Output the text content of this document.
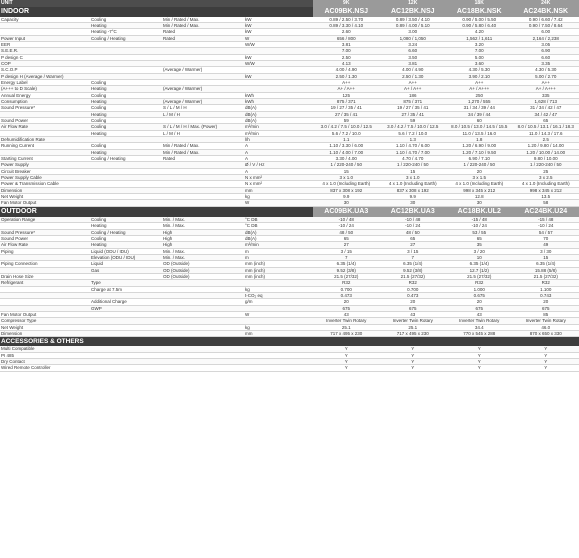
UNIT				9K	12K	18K	24K
INDOOR				AC09BK.NSJ	AC12BK.NSJ	AC18BK.NSK	AC24BK.NSK
Capacity	Cooling	Min / Rated / Max.	kW	0.89 / 2.50 / 3.70	0.89 / 3.50 / 4.10	0.90 / 5.00 / 5.50	0.90 / 6.60 / 7.42
	Heating	Min / Rated / Max.	kW	0.89 / 3.30 / 4.10	0.89 / 4.00 / 5.10	0.90 / 5.80 / 6.40	0.90 / 7.50 / 8.64
	Heating -7°C	Rated	kW	2.60	3.00	4.20	6.00
Power Input	Cooling / Heating	Rated	W	656 / 800	1,080 / 1,050	1,562 / 1,611	2,164 / 2,238
EER			W/W	3.81	3.24	3.20	3.05
S.E.E.R.				7.00	6.60	7.00	6.90
P design C			kW	2.50	3.50	5.00	6.60
COP			W/W	4.13	3.81	3.60	3.35
S.C.O.P		(Average / Warmer)		4.00 / 4.90	4.00 / 4.90	4.30 / 5.30	4.30 / 5.30
P design H (Average / Warmer)			kW	2.50 / 1.30	2.50 / 1.30	3.90 / 2.10	5.00 / 2.70
Energy Label	Cooling			A++	A++	A++	A++
(A+++ to D Scale)	Heating	(Average / Warmer)		A+ / A++	A+ / A++	A+ / A+++	A+ / A+++
Annual Energy	Cooling		kWh	125	186	250	335
Consumption	Heating	(Average / Warmer)	kWh	875 / 371	875 / 371	1,270 / 555	1,628 / 713
Sound Pressure*	Cooling	S / L / M / H	dB(A)	19 / 27 / 35 / 41	19 / 27 / 35 / 41	31 / 34 / 39 / 44	31 / 34 / 42 / 47
	Heating	L / M / H	dB(A)	27 / 35 / 41	27 / 35 / 41	34 / 39 / 44	34 / 42 / 47
Sound Power	Cooling		dB(A)	59	59	60	65
Air Flow Rate	Cooling	S / L / M / H / Max. (Power)	m³/min	3.0 / 4.2 / 7.5 / 10.0 / 12.5	3.0 / 4.2 / 7.5 / 10.0 / 12.5	8.0 / 10.5 / 13.0 / 14.5 / 15.5	8.0 / 10.5 / 13.1 / 16.1 / 18.3
	Heating	L / M / H	m³/min	5.6 / 7.2 / 10.0	5.6 / 7.2 / 10.0	11.0 / 13.5 / 16.0	11.0 / 14.3 / 17.6
Dehumidification Rate			l/h	1.1	1.3	1.8	2.5
Running Current	Cooling	Min / Rated / Max.	A	1.10 / 3.30 / 6.00	1.10 / 4.70 / 6.00	1.20 / 6.90 / 9.00	1.20 / 9.80 / 14.00
	Heating	Min / Rated / Max.	A	1.10 / 4.00 / 7.00	1.10 / 4.70 / 7.00	1.20 / 7.10 / 9.50	1.20 / 10.00 / 14.00
Starting Current	Cooling / Heating	Rated	A	3.30 / 4.00	4.70 / 4.70	6.90 / 7.10	9.80 / 10.00
Power Supply			Ø / V / Hz	1 / 220-240 / 50	1 / 220-240 / 50	1 / 220-240 / 50	1 / 220-240 / 50
Circuit Breaker			A	15	15	20	25
Power Supply Cable			N x mm²	3 x 1.0	3 x 1.0	3 x 1.5	3 x 2.5
Power & Transmission Cable			N x mm²	4 x 1.0 (Including Earth)	4 x 1.0 (Including Earth)	4 x 1.0 (Including Earth)	4 x 1.0 (Including Earth)
Dimension			mm	837 x 308 x 192	837 x 308 x 192	998 x 345 x 212	998 x 345 x 212
Net Weight			kg	9.9	9.9	12.8	13.5
Fan Motor Output			W	30	30	30	58
OUTDOOR				AC09BK.UA3	AC12BK.UA3	AC18BK.UL2	AC24BK.U24
Operation Range	Cooling	Min. / Max.	°C DB	-10 / 48	-10 / 48	-15 / 48	-15 / 48
	Heating	Min. / Max.	°C DB	-10 / 24	-10 / 24	-10 / 24	-10 / 24
Sound Pressure*	Cooling / Heating	High	dB(A)	48 / 50	48 / 50	53 / 55	54 / 57
Sound Power	Cooling	High	dB(A)	65	65	65	70
Air Flow Rate	Heating	High	m³/min	27	27	35	49
Piping	Liquid (ODU / IDU)	Min. / Max.	m	3 / 15	3 / 15	3 / 20	3 / 30
	Elevation (ODU / IDU)	Min. / Max.	m	7	7	10	15
Piping Connection	Liquid	OD (Outside)	mm (inch)	6.35 (1/4)	6.35 (1/4)	6.35 (1/4)	6.35 (1/4)
	Gas	OD (Outside)	mm (inch)	9.52 (3/8)	9.52 (3/8)	12.7 (1/2)	15.88 (5/8)
Drain Hose Size		OD (Outside)	mm (inch)	21.5 (27/32)	21.5 (27/32)	21.5 (27/32)	21.5 (27/32)
Refrigerant	Type			R32	R32	R32	R32
	Charge at 7.5m		kg	0.700	0.700	1.000	1.100
			t-CO₂ eq	0.473	0.473	0.675	0.743
	Additional Charge		g/m	20	20	20	20
	GWP			675	675	675	675
Fan Motor Output			W	43	43	43	85
Compressor Type				Inverter Twin Rotary	Inverter Twin Rotary	Inverter Twin Rotary	Inverter Twin Rotary
Net Weight			kg	25.1	25.1	34.4	46.0
Dimension			mm	717 x 495 x 230	717 x 495 x 230	770 x 545 x 288	870 x 650 x 330
ACCESSORIES & OTHERS							
Multi Compatible				Y	Y	Y	Y
PI 485				Y	Y	Y	Y
Dry Contact				Y	Y	Y	Y
Wired Remote Controller				Y	Y	Y	Y
